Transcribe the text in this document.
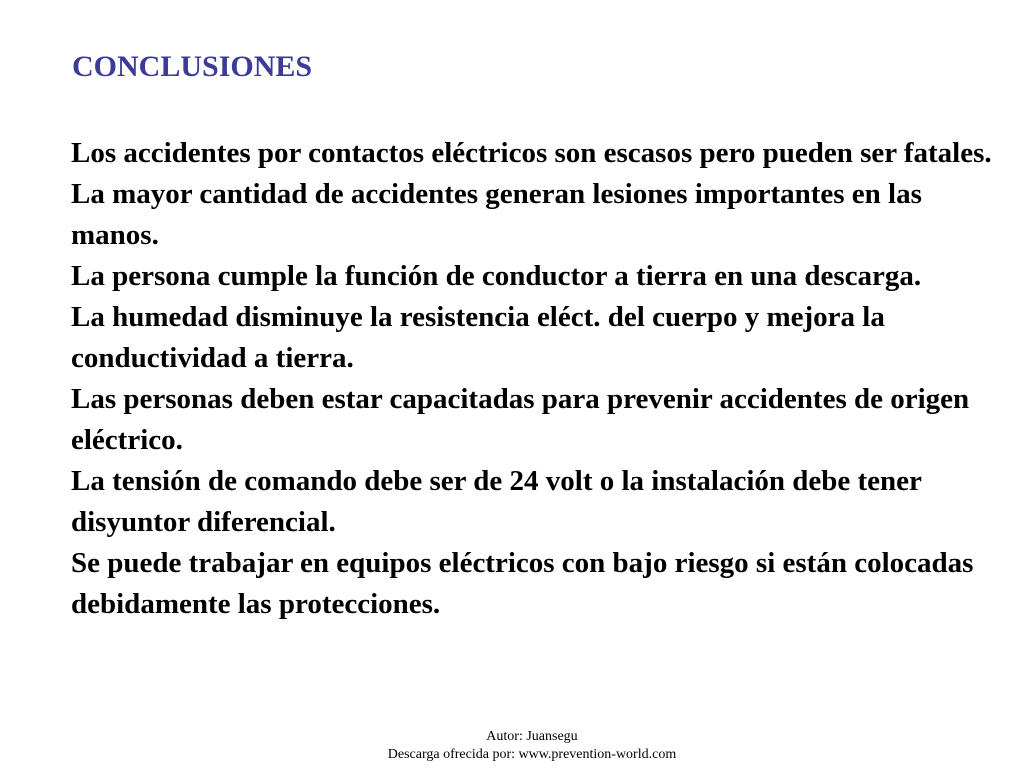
CONCLUSIONES

Los accidentes por contactos eléctricos son escasos pero pueden ser fatales.

La mayor cantidad de accidentes generan lesiones importantes en las manos.

La persona cumple la función de conductor a tierra en una descarga.

La humedad disminuye la resistencia eléct. del cuerpo y mejora la conductividad a tierra.

Las personas deben estar capacitadas para prevenir accidentes de origen eléctrico.

La tensión de comando debe ser de 24 volt o la instalación debe tener disyuntor diferencial.

Se puede trabajar en equipos eléctricos con bajo riesgo si están colocadas debidamente las protecciones.

Autor: Juansegu
Descarga ofrecida por: www.prevention-world.com
